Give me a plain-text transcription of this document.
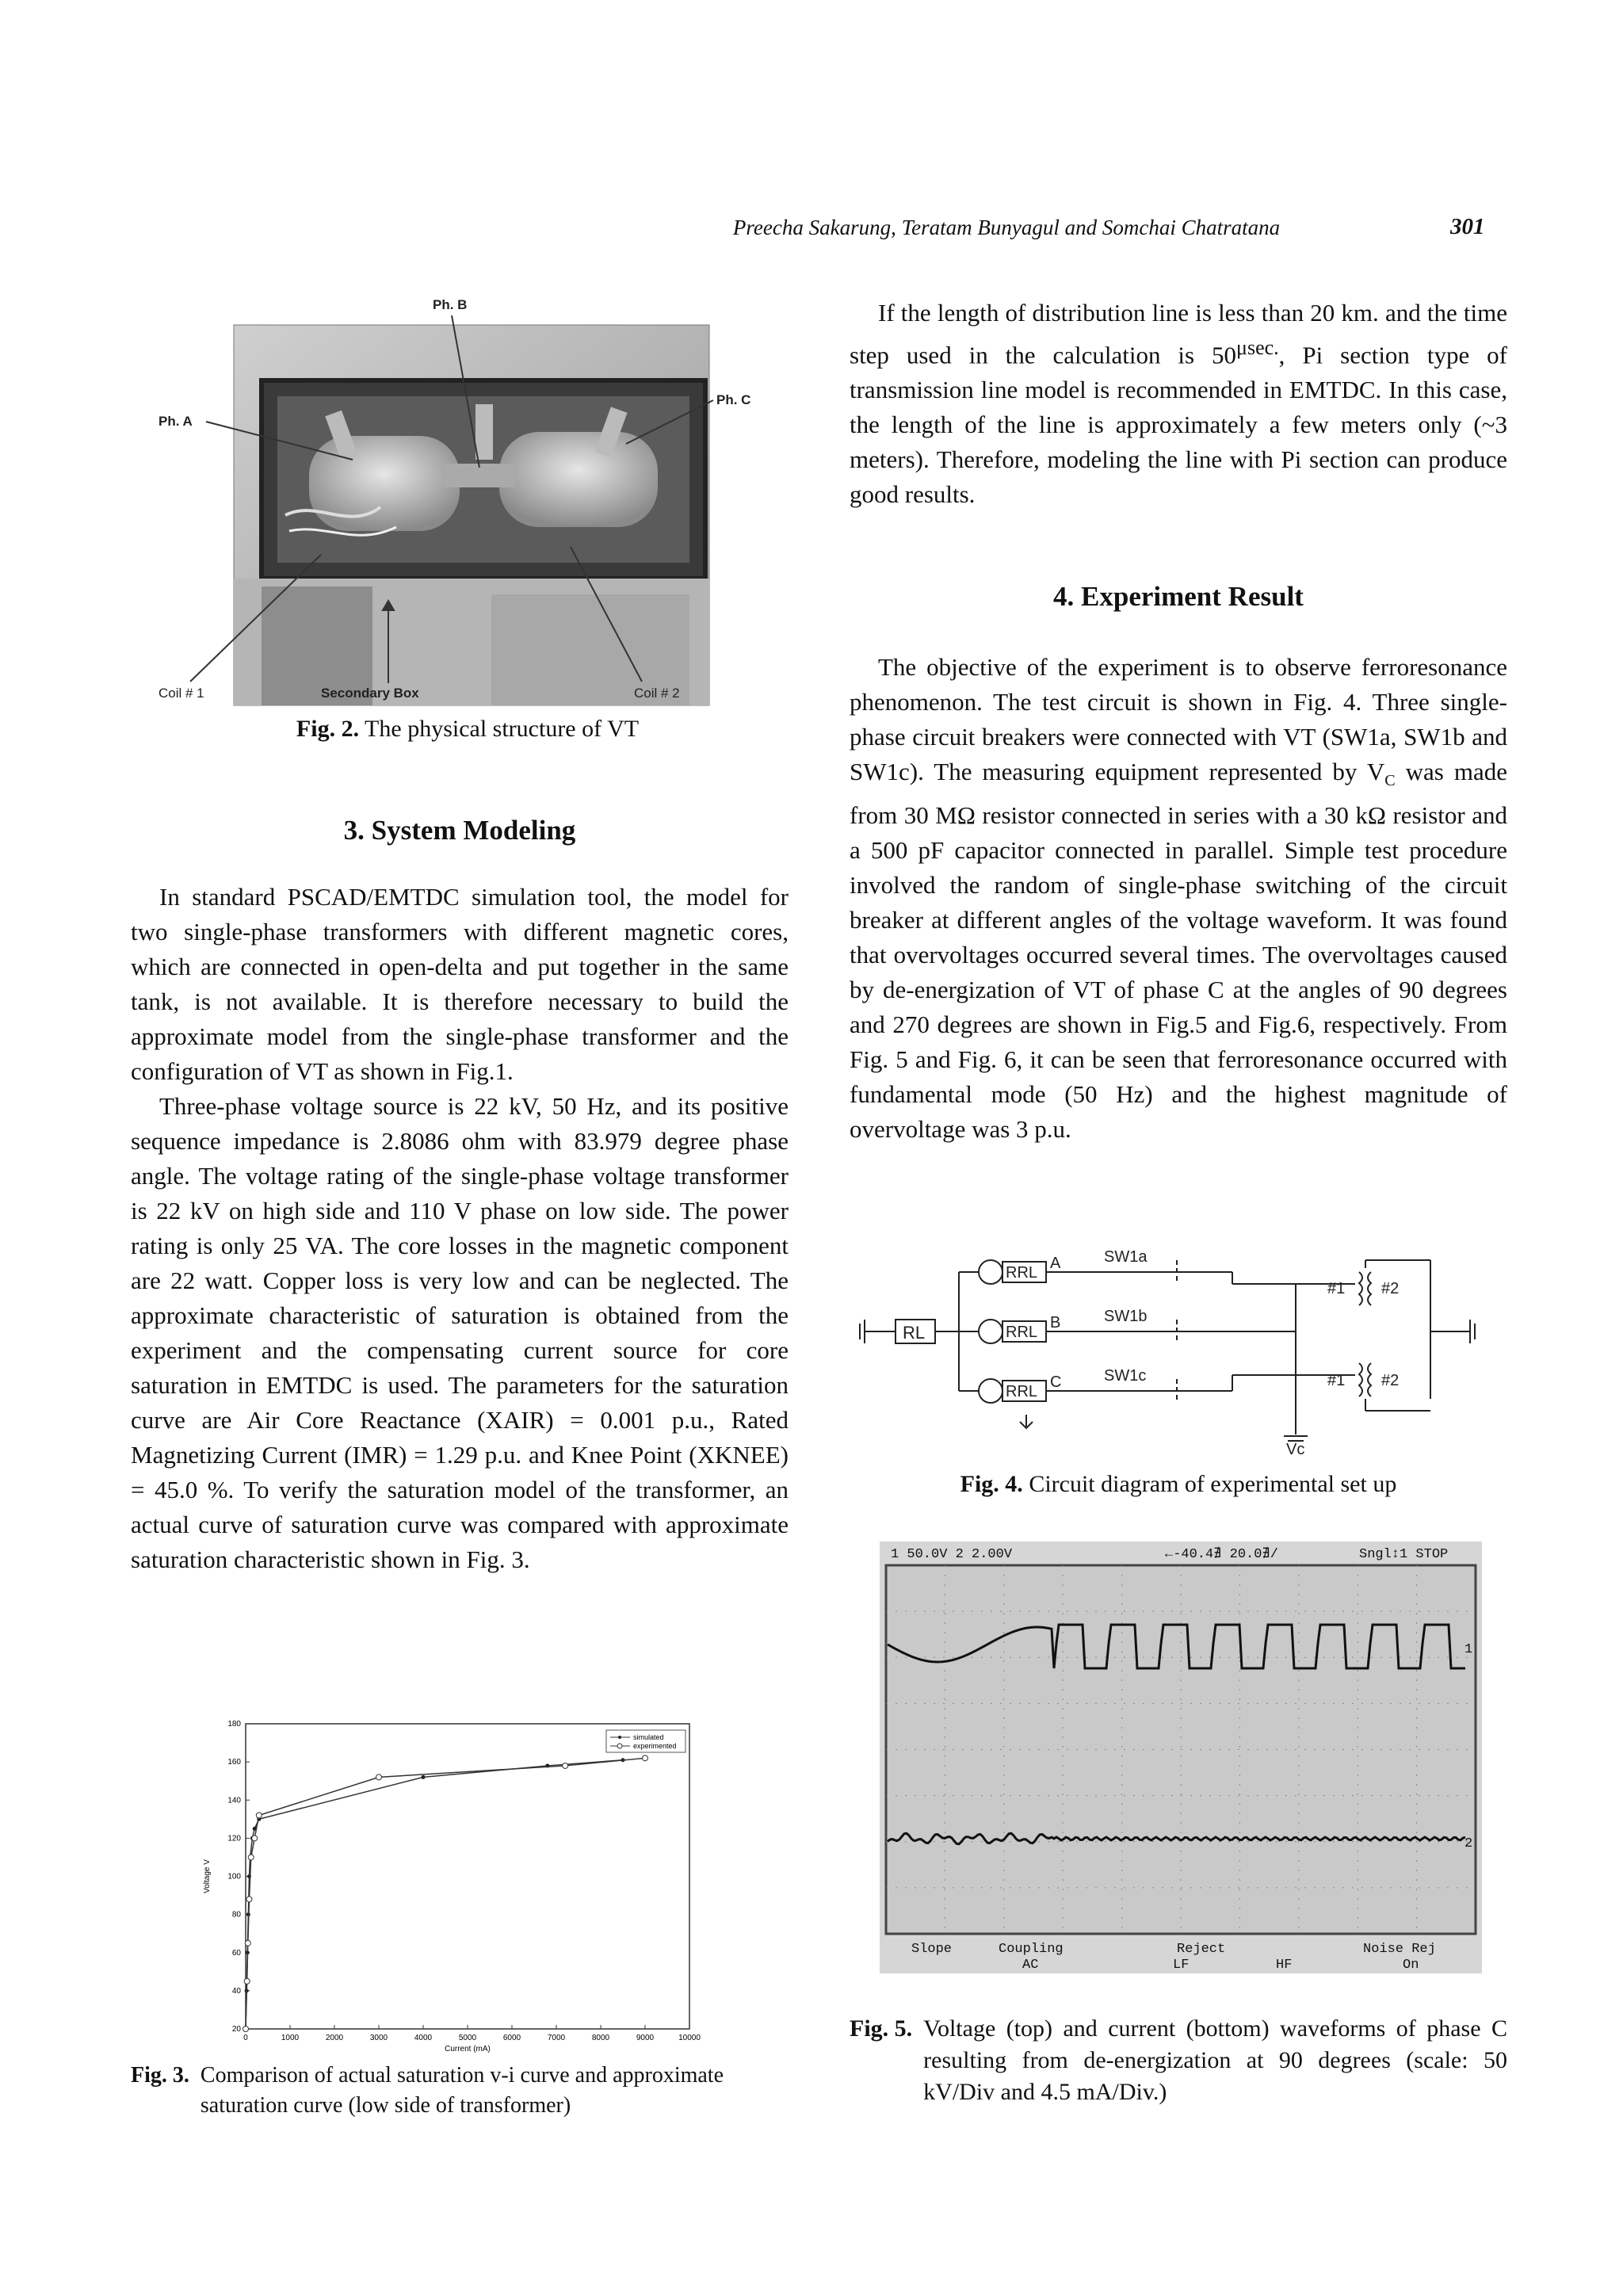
Preecha Sakarung, Teratam Bunyagul and Somchai Chatratana	301
Ph. B
Ph. A
Ph. C
Coil # 1	Secondary Box	Coil # 2
Fig. 2. The physical structure of VT
3. System Modeling

In standard PSCAD/EMTDC simulation tool, the model for two single-phase transformers with different magnetic cores, which are connected in open-delta and put together in the same tank, is not available. It is therefore necessary to build the approximate model from the single-phase transformer and the configuration of VT as shown in Fig.1.

Three-phase voltage source is 22 kV, 50 Hz, and its positive sequence impedance is 2.8086 ohm with 83.979 degree phase angle. The voltage rating of the single-phase voltage transformer is 22 kV on high side and 110 V phase on low side. The power rating is only 25 VA. The core losses in the magnetic component are 22 watt. Copper loss is very low and can be neglected. The approximate characteristic of saturation is obtained from the experiment and the compensating current source for core saturation in EMTDC is used. The parameters for the saturation curve are Air Core Reactance (XAIR) = 0.001 p.u., Rated Magnetizing Current (IMR) = 1.29 p.u. and Knee Point (XKNEE) = 45.0 %. To verify the saturation model of the transformer, an actual curve of saturation curve was compared with approximate saturation characteristic shown in Fig. 3.

0	1000	2000	3000	4000	5000	6000	7000	8000	9000	10000
20
40
60
80
100
120
140
160
180
Current (mA)
Voltage V
simulated
experimented
Fig. 3. Comparison of actual saturation v-i curve and approximate saturation curve (low side of transformer)

If the length of distribution line is less than 20 km. and the time step used in the calculation is $50^{\mu sec.}$, Pi section type of transmission line model is recommended in EMTDC. In this case, the length of the line is approximately a few meters only (~3 meters). Therefore, modeling the line with Pi section can produce good results.

4. Experiment Result

The objective of the experiment is to observe ferroresonance phenomenon. The test circuit is shown in Fig. 4. Three single-phase circuit breakers were connected with VT (SW1a, SW1b and SW1c). The measuring equipment represented by $V_C$ was made from 30 MΩ resistor connected in series with a 30 kΩ resistor and a 500 pF capacitor connected in parallel. Simple test procedure involved the random of single-phase switching of the circuit breaker at different angles of the voltage waveform. It was found that overvoltages occurred several times. The overvoltages caused by de-energization of VT of phase C at the angles of 90 degrees and 270 degrees are shown in Fig.5 and Fig.6, respectively. From Fig. 5 and Fig. 6, it can be seen that ferroresonance occurred with fundamental mode (50 Hz) and the highest magnitude of overvoltage was 3 p.u.

RL
RRL
RRL
RRL
A
B
C
SW1a
SW1b
SW1c
#1 #2
#1 #2
Vc
Fig. 4. Circuit diagram of experimental set up
1 50.0V 2 2.00V	←-40.4∄ 20.0∄/	Sngl↕1 STOP
1
2
Slope	Coupling
AC
Reject
LF	HF
Noise Rej
On
Fig. 5. Voltage (top) and current (bottom) waveforms of phase C resulting from de-energization at 90 degrees (scale: 50 kV/Div and 4.5 mA/Div.)
